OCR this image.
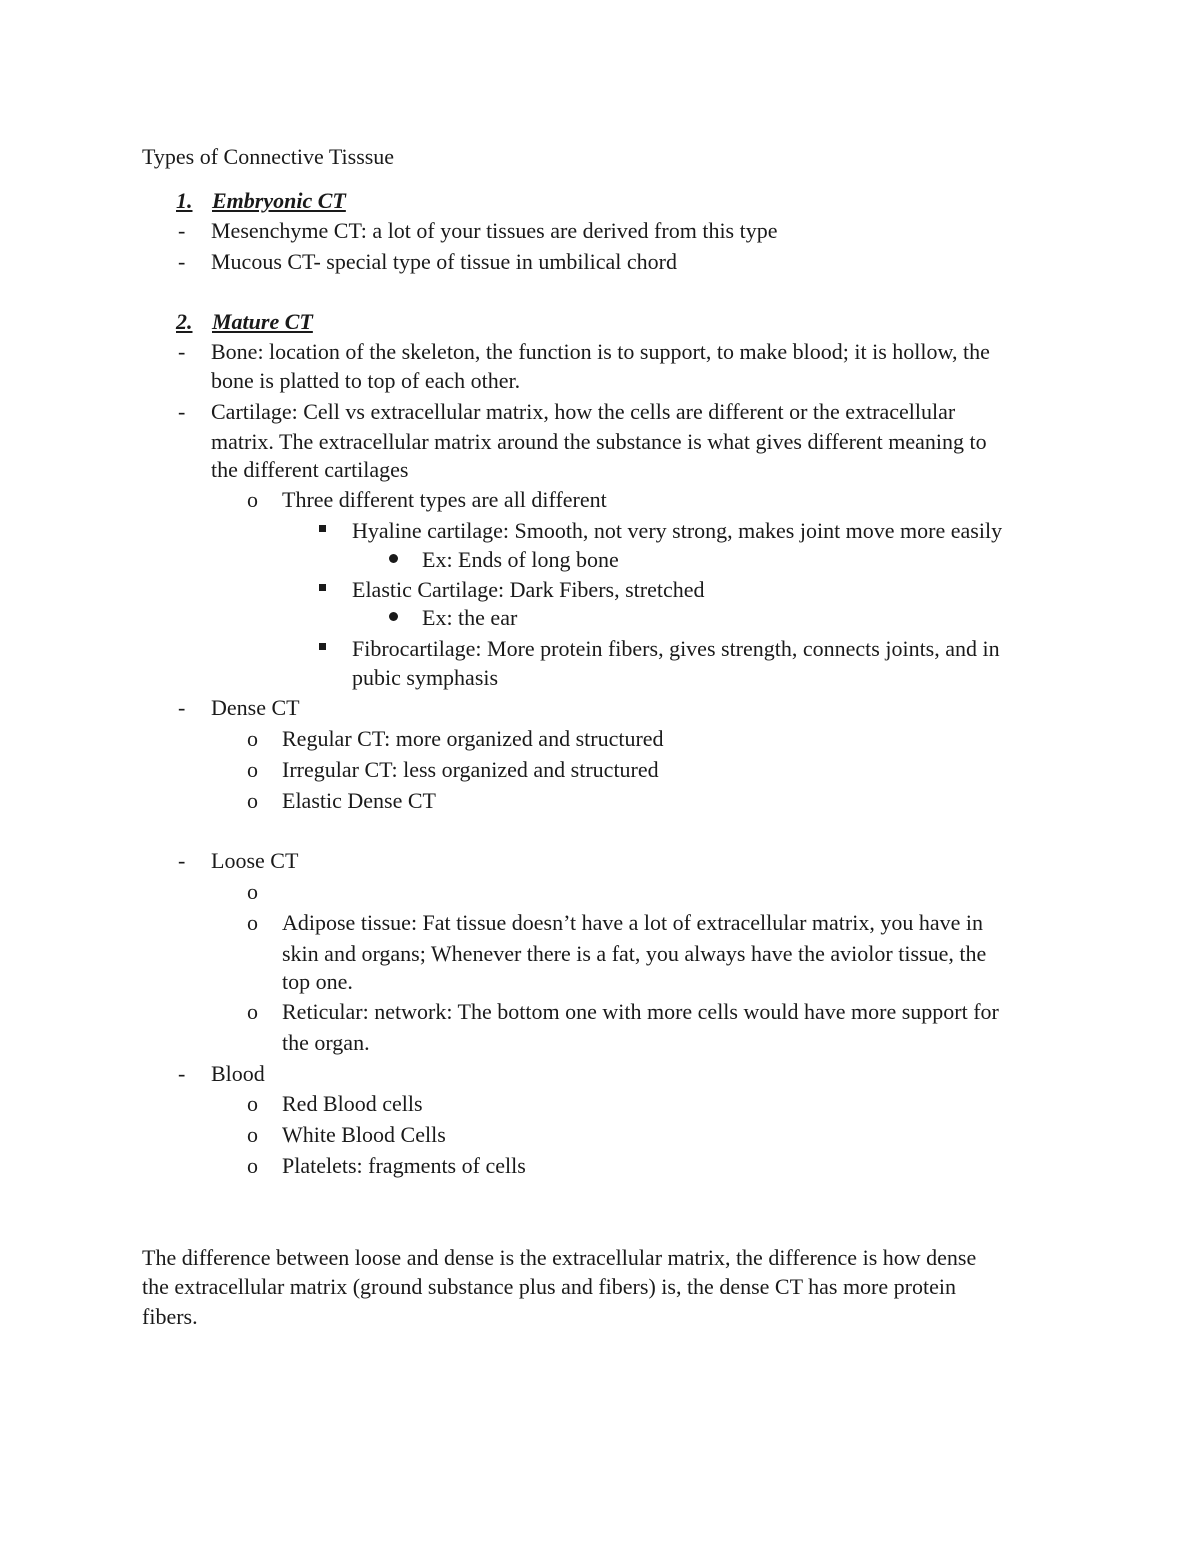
Types of Connective Tisssue
1. Embryonic CT
- Mesenchyme CT: a lot of your tissues are derived from this type
- Mucous CT- special type of tissue in umbilical chord
2. Mature CT
- Bone: location of the skeleton, the function is to support, to make blood; it is hollow, the
bone is platted to top of each other.
- Cartilage: Cell vs extracellular matrix, how the cells are different or the extracellular
matrix. The extracellular matrix around the substance is what gives different meaning to
the different cartilages
o Three different types are all different
Hyaline cartilage: Smooth, not very strong, makes joint move more easily
Ex: Ends of long bone
Elastic Cartilage: Dark Fibers, stretched
Ex: the ear
Fibrocartilage: More protein fibers, gives strength, connects joints, and in
pubic symphasis
- Dense CT
o Regular CT: more organized and structured
o Irregular CT: less organized and structured
o Elastic Dense CT
- Loose CT
o
o Adipose tissue: Fat tissue doesn’t have a lot of extracellular matrix, you have in
skin and organs; Whenever there is a fat, you always have the aviolor tissue, the
top one.
o Reticular: network: The bottom one with more cells would have more support for
the organ.
- Blood
o Red Blood cells
o White Blood Cells
o Platelets: fragments of cells
The difference between loose and dense is the extracellular matrix, the difference is how dense
the extracellular matrix (ground substance plus and fibers) is, the dense CT has more protein
fibers.
